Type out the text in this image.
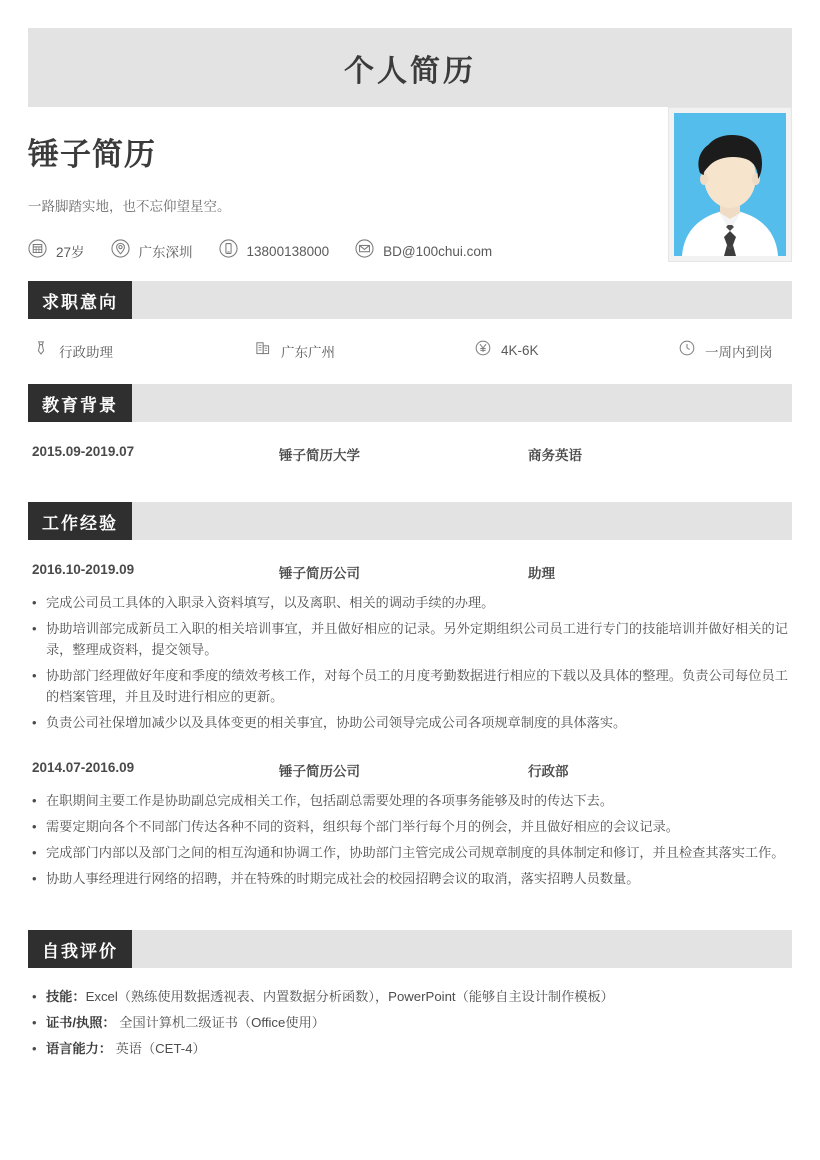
个人简历
锤子简历
一路脚踏实地，也不忘仰望星空。
27岁	广东深圳	13800138000	BD@100chui.com
求职意向
行政助理	广东广州	4K-6K	一周内到岗
教育背景
2015.09-2019.07	锤子简历大学	商务英语
工作经验
2016.10-2019.09	锤子简历公司	助理
• 完成公司员工具体的入职录入资料填写，以及离职、相关的调动手续的办理。
• 协助培训部完成新员工入职的相关培训事宜，并且做好相应的记录。另外定期组织公司员工进行专门的技能培训并做好相关的记录，整理成资料，提交领导。
• 协助部门经理做好年度和季度的绩效考核工作，对每个员工的月度考勤数据进行相应的下载以及具体的整理。负责公司每位员工的档案管理，并且及时进行相应的更新。
• 负责公司社保增加减少以及具体变更的相关事宜，协助公司领导完成公司各项规章制度的具体落实。
2014.07-2016.09	锤子简历公司	行政部
• 在职期间主要工作是协助副总完成相关工作，包括副总需要处理的各项事务能够及时的传达下去。
• 需要定期向各个不同部门传达各种不同的资料，组织每个部门举行每个月的例会，并且做好相应的会议记录。
• 完成部门内部以及部门之间的相互沟通和协调工作，协助部门主管完成公司规章制度的具体制定和修订，并且检查其落实工作。
• 协助人事经理进行网络的招聘，并在特殊的时期完成社会的校园招聘会议的取消，落实招聘人员数量。
自我评价
• 技能：Excel（熟练使用数据透视表、内置数据分析函数），PowerPoint（能够自主设计制作模板）
• 证书/执照： 全国计算机二级证书（Office使用）
• 语言能力： 英语（CET-4）
